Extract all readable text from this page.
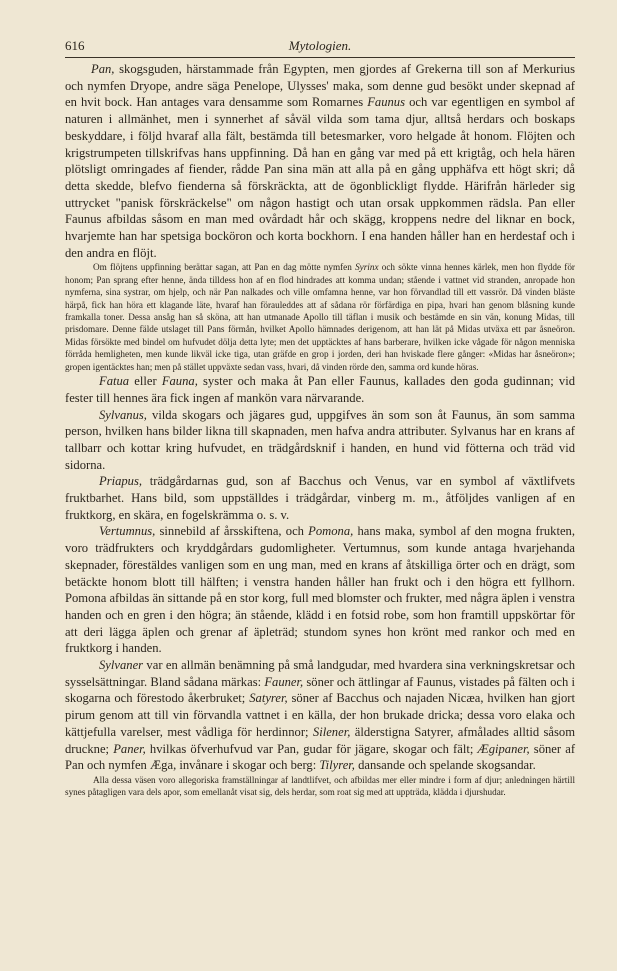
616	Mytologien.

Pan, skogsguden, härstammade från Egypten, men gjordes af Grekerna till son af Merkurius och nymfen Dryope, andre säga Penelope, Ulysses' maka, som denne gud besökt under skepnad af en hvit bock. Han antages vara densamme som Romarnes Faunus och var egentligen en symbol af naturen i allmänhet, men i synnerhet af såväl vilda som tama djur, alltså herdars och boskaps beskyddare, i följd hvaraf alla fält, bestämda till betesmarker, voro helgade åt honom. Flöjten och krigstrumpeten tillskrifvas hans uppfinning. Då han en gång var med på ett krigtåg, och hela hären plötsligt omringades af fiender, rådde Pan sina män att alla på en gång upphäfva ett högt skri; då detta skedde, blefvo fienderna så förskräckta, att de ögonblickligt flydde. Härifrån härleder sig uttrycket "panisk förskräckelse" om någon hastigt och utan orsak uppkommen rädsla. Pan eller Faunus afbildas såsom en man med ovårdadt hår och skägg, kroppens nedre del liknar en bock, hvarjemte han har spetsiga bocköron och korta bockhorn. I ena handen håller han en herdestaf och i den andra en flöjt.

Om flöjtens uppfinning berättar sagan, att Pan en dag mötte nymfen Syrinx och sökte vinna hennes kärlek, men hon flydde för honom; Pan sprang efter henne, ända tilldess hon af en flod hindrades att komma undan; stående i vattnet vid stranden, anropade hon nymferna, sina systrar, om hjelp, och när Pan nalkades och ville omfamna henne, var hon förvandlad till ett vassrör. Då vinden bläste härpå, fick han höra ett klagande läte, hvaraf han förauleddes att af sådana rör förfärdiga en pipa, hvari han genom blåsning kunde framkalla toner. Dessa ansåg han så sköna, att han utmanade Apollo till täflan i musik och bestämde en sin vän, konung Midas, till prisdomare. Denne fälde utslaget till Pans förmån, hvilket Apollo hämnades derigenom, att han lät på Midas utväxa ett par åsneöron. Midas försökte med bindel om hufvudet dölja detta lyte; men det upptäcktes af hans barberare, hvilken icke vågade för någon menniska förråda hemligheten, men kunde likväl icke tiga, utan gräfde en grop i jorden, deri han hviskade flere gånger: «Midas har åsneöron»; gropen igentäcktes han; men på stället uppväxte sedan vass, hvari, då vinden rörde den, samma ord kunde höras.

Fatua eller Fauna, syster och maka åt Pan eller Faunus, kallades den goda gudinnan; vid fester till hennes ära fick ingen af mankön vara närvarande.

Sylvanus, vilda skogars och jägares gud, uppgifves än som son åt Faunus, än som samma person, hvilken hans bilder likna till skapnaden, men hafva andra attributer. Sylvanus har en krans af tallbarr och kottar kring hufvudet, en trädgårdsknif i handen, en hund vid fötterna och träd vid sidorna.

Priapus, trädgårdarnas gud, son af Bacchus och Venus, var en symbol af växtlifvets fruktbarhet. Hans bild, som uppställdes i trädgårdar, vinberg m. m., åtföljdes vanligen af en fruktkorg, en skära, en fogelskrämma o. s. v.

Vertumnus, sinnebild af årsskiftena, och Pomona, hans maka, symbol af den mogna frukten, voro trädfrukters och kryddgårdars gudomligheter. Vertumnus, som kunde antaga hvarjehanda skepnader, förestäldes vanligen som en ung man, med en krans af åtskilliga örter och en drägt, som betäckte honom blott till hälften; i venstra handen håller han frukt och i den högra ett fyllhorn. Pomona afbildas än sittande på en stor korg, full med blomster och frukter, med några äplen i venstra handen och en gren i den högra; än stående, klädd i en fotsid robe, som hon framtill uppskörtar för att deri lägga äplen och grenar af äpleträd; stundom synes hon krönt med rankor och med en fruktkorg i handen.

Sylvaner var en allmän benämning på små landgudar, med hvardera sina verkningskretsar och sysselsättningar. Bland sådana märkas: Fauner, söner och ättlingar af Faunus, vistades på fälten och i skogarna och förestodo åkerbruket; Satyrer, söner af Bacchus och najaden Nicæa, hvilken han gjort pirum genom att till vin förvandla vattnet i en källa, der hon brukade dricka; dessa voro elaka och kättjefulla varelser, mest vådliga för herdinnor; Silener, älderstigna Satyrer, afmålades alltid såsom druckne; Paner, hvilkas öfverhufvud var Pan, gudar för jägare, skogar och fält; Ægipaner, söner af Pan och nymfen Æga, invånare i skogar och berg: Tilyrer, dansande och spelande skogsandar.

Alla dessa väsen voro allegoriska framställningar af landtlifvet, och afbildas mer eller mindre i form af djur; anledningen härtill synes påtagligen vara dels apor, som emellanåt visat sig, dels herdar, som roat sig med att uppträda, klädda i djurshudar.
